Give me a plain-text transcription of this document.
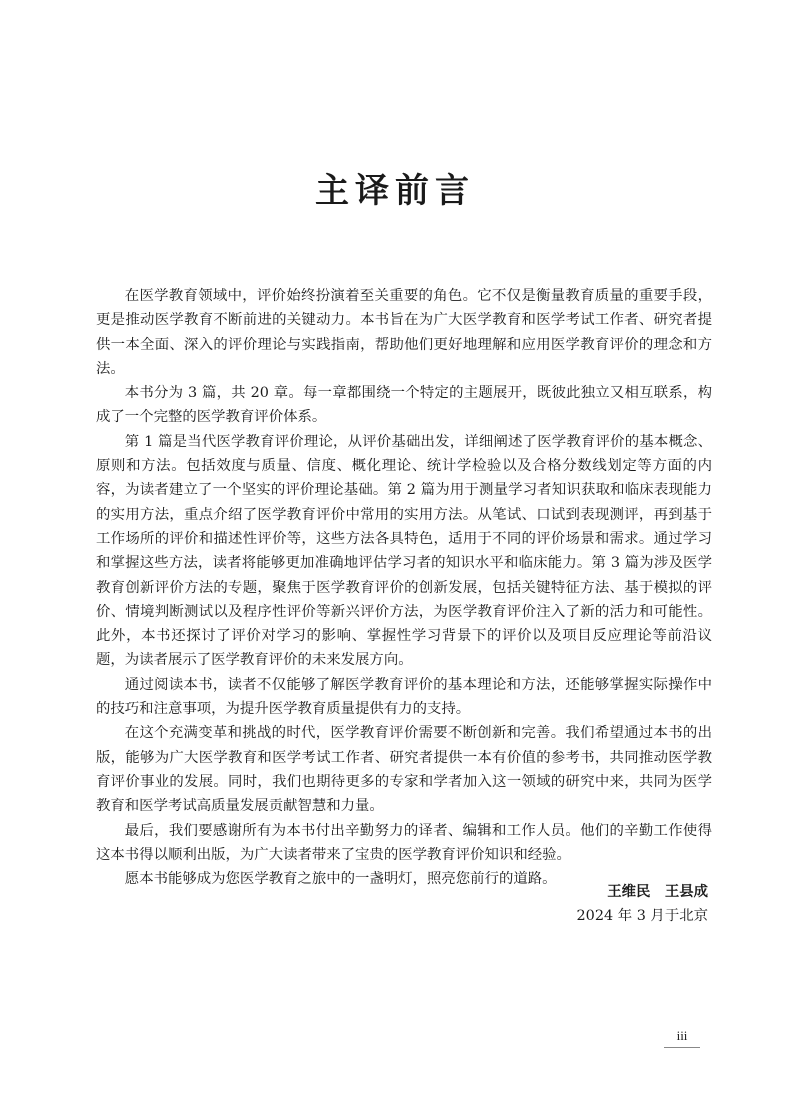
主译前言

在医学教育领域中，评价始终扮演着至关重要的角色。它不仅是衡量教育质量的重要手段，更是推动医学教育不断前进的关键动力。本书旨在为广大医学教育和医学考试工作者、研究者提供一本全面、深入的评价理论与实践指南，帮助他们更好地理解和应用医学教育评价的理念和方法。

本书分为 3 篇，共 20 章。每一章都围绕一个特定的主题展开，既彼此独立又相互联系，构成了一个完整的医学教育评价体系。

第 1 篇是当代医学教育评价理论，从评价基础出发，详细阐述了医学教育评价的基本概念、原则和方法。包括效度与质量、信度、概化理论、统计学检验以及合格分数线划定等方面的内容，为读者建立了一个坚实的评价理论基础。第 2 篇为用于测量学习者知识获取和临床表现能力的实用方法，重点介绍了医学教育评价中常用的实用方法。从笔试、口试到表现测评，再到基于工作场所的评价和描述性评价等，这些方法各具特色，适用于不同的评价场景和需求。通过学习和掌握这些方法，读者将能够更加准确地评估学习者的知识水平和临床能力。第 3 篇为涉及医学教育创新评价方法的专题，聚焦于医学教育评价的创新发展，包括关键特征方法、基于模拟的评价、情境判断测试以及程序性评价等新兴评价方法，为医学教育评价注入了新的活力和可能性。此外，本书还探讨了评价对学习的影响、掌握性学习背景下的评价以及项目反应理论等前沿议题，为读者展示了医学教育评价的未来发展方向。

通过阅读本书，读者不仅能够了解医学教育评价的基本理论和方法，还能够掌握实际操作中的技巧和注意事项，为提升医学教育质量提供有力的支持。

在这个充满变革和挑战的时代，医学教育评价需要不断创新和完善。我们希望通过本书的出版，能够为广大医学教育和医学考试工作者、研究者提供一本有价值的参考书，共同推动医学教育评价事业的发展。同时，我们也期待更多的专家和学者加入这一领域的研究中来，共同为医学教育和医学考试高质量发展贡献智慧和力量。

最后，我们要感谢所有为本书付出辛勤努力的译者、编辑和工作人员。他们的辛勤工作使得这本书得以顺利出版，为广大读者带来了宝贵的医学教育评价知识和经验。

愿本书能够成为您医学教育之旅中的一盏明灯，照亮您前行的道路。

王维民　王县成
2024 年 3 月于北京
iii
